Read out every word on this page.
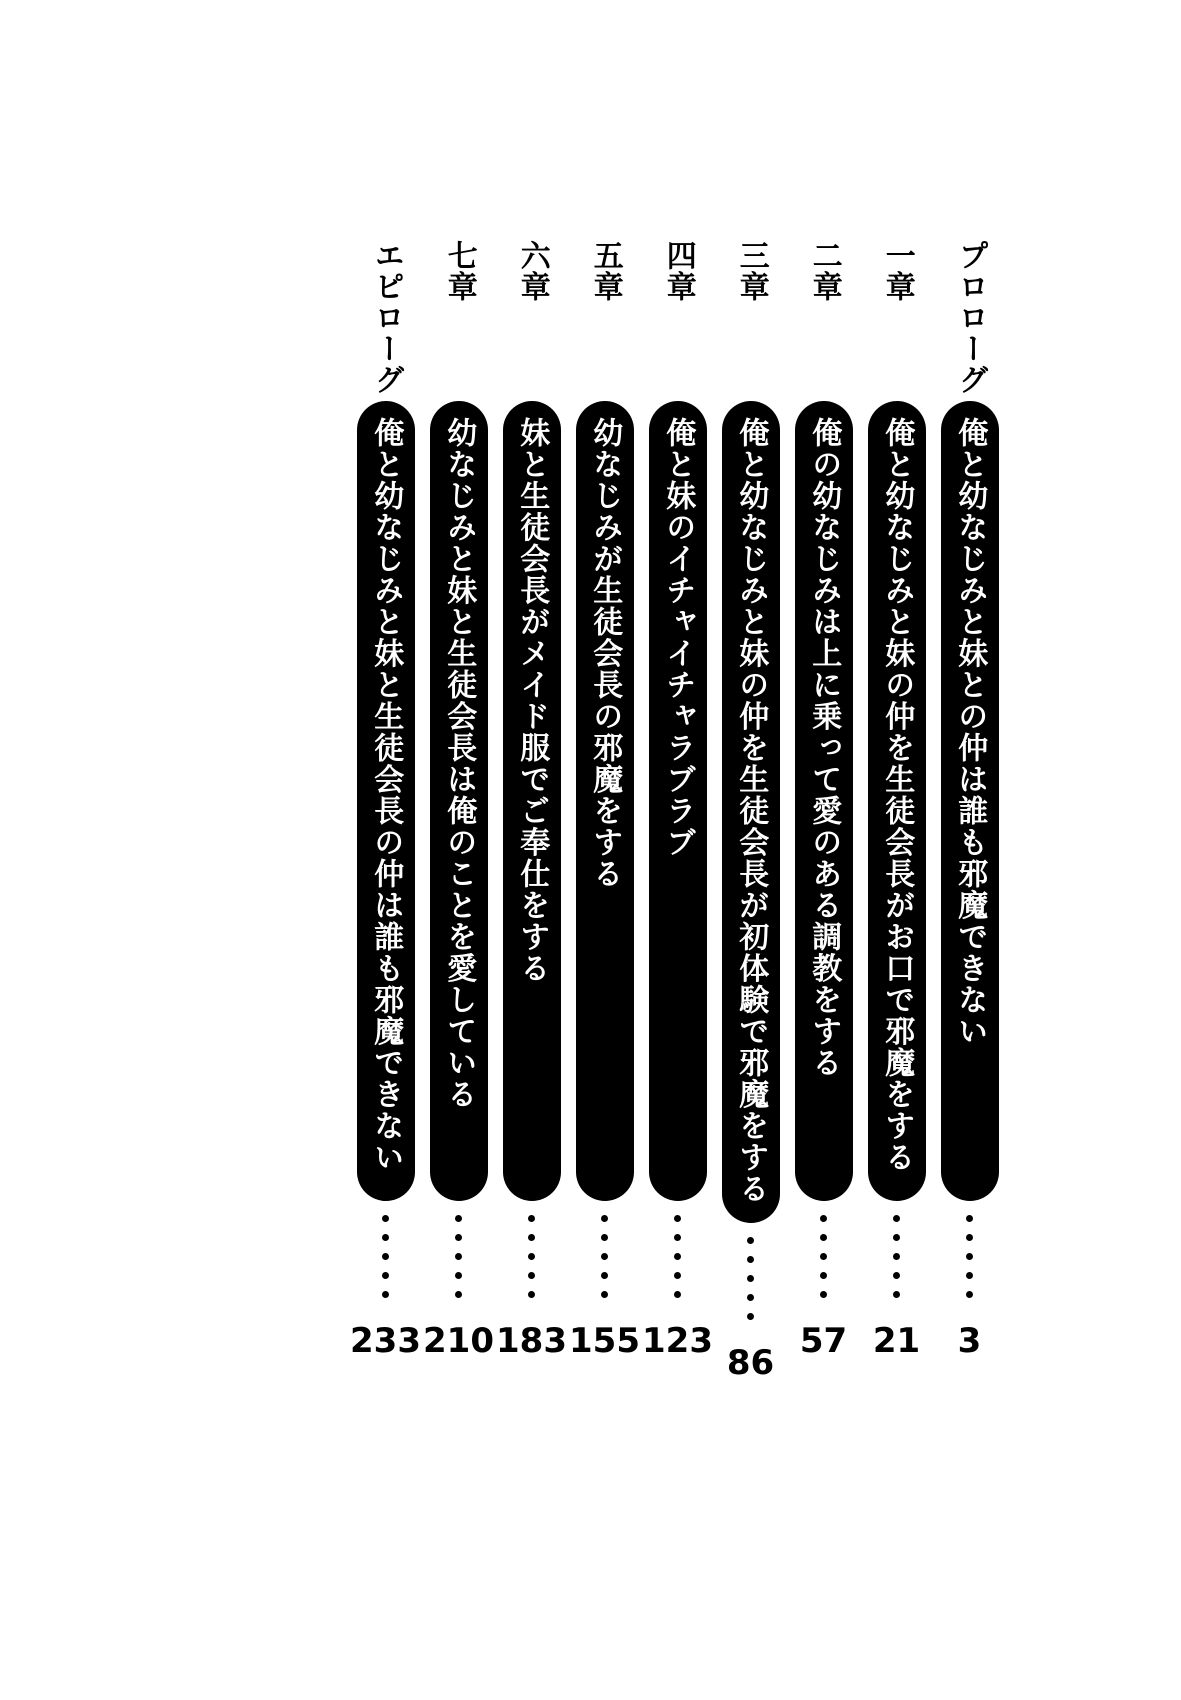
プロローグ
俺と幼なじみと妹との仲は誰も邪魔できない
3
一章
俺と幼なじみと妹の仲を生徒会長がお口で邪魔をする
21
二章
俺の幼なじみは上に乗って愛のある調教をする
57
三章
俺と幼なじみと妹の仲を生徒会長が初体験で邪魔をする
86
四章
俺と妹のイチャイチャラブラブ
123
五章
幼なじみが生徒会長の邪魔をする
155
六章
妹と生徒会長がメイド服でご奉仕をする
183
七章
幼なじみと妹と生徒会長は俺のことを愛している
210
エピローグ
俺と幼なじみと妹と生徒会長の仲は誰も邪魔できない
233
